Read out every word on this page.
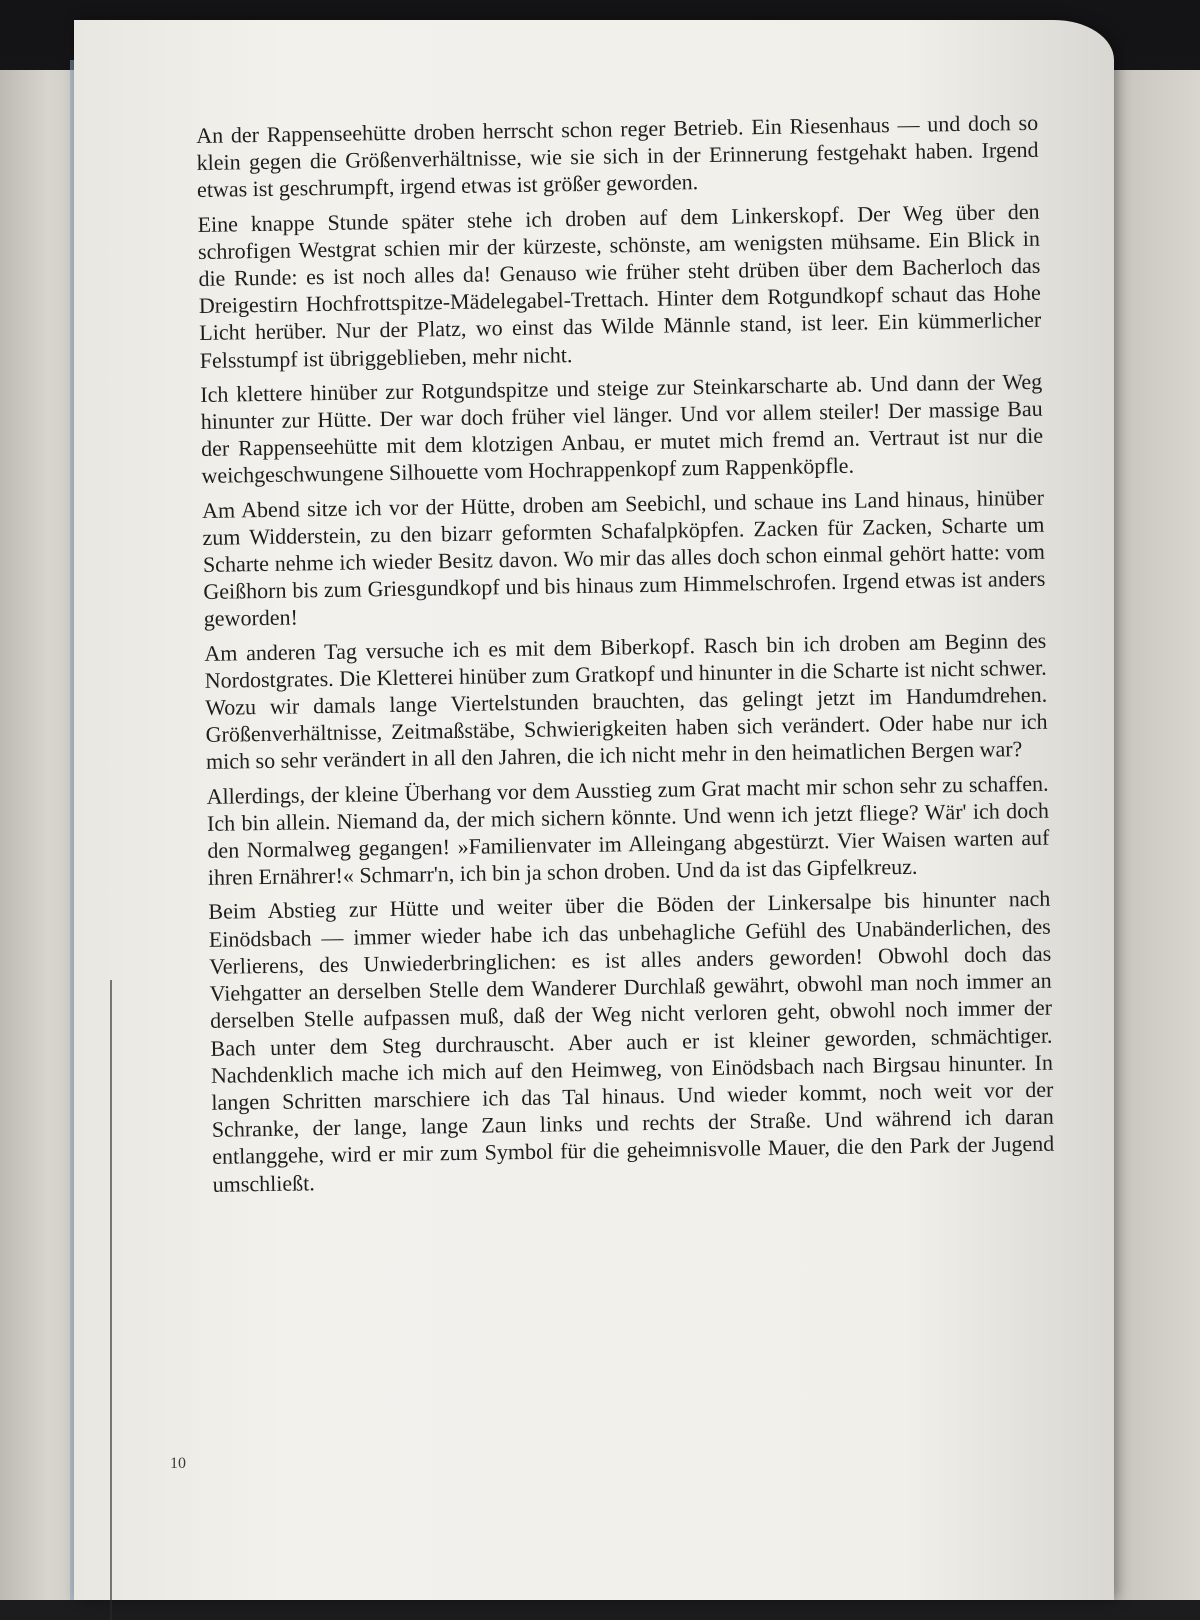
An der Rappenseehütte droben herrscht schon reger Betrieb. Ein Riesenhaus — und doch so klein gegen die Größenverhältnisse, wie sie sich in der Erinnerung festgehakt haben. Irgend etwas ist geschrumpft, irgend etwas ist größer geworden.

Eine knappe Stunde später stehe ich droben auf dem Linkerskopf. Der Weg über den schrofigen Westgrat schien mir der kürzeste, schönste, am wenigsten mühsame. Ein Blick in die Runde: es ist noch alles da! Genauso wie früher steht drüben über dem Bacherloch das Dreigestirn Hochfrottspitze-Mädelegabel-Trettach. Hinter dem Rotgundkopf schaut das Hohe Licht herüber. Nur der Platz, wo einst das Wilde Männle stand, ist leer. Ein kümmerlicher Felsstumpf ist übriggeblieben, mehr nicht.

Ich klettere hinüber zur Rotgundspitze und steige zur Steinkarscharte ab. Und dann der Weg hinunter zur Hütte. Der war doch früher viel länger. Und vor allem steiler! Der massige Bau der Rappenseehütte mit dem klotzigen Anbau, er mutet mich fremd an. Vertraut ist nur die weichgeschwungene Silhouette vom Hochrappenkopf zum Rappenköpfle.

Am Abend sitze ich vor der Hütte, droben am Seebichl, und schaue ins Land hinaus, hinüber zum Widderstein, zu den bizarr geformten Schafalpköpfen. Zacken für Zacken, Scharte um Scharte nehme ich wieder Besitz davon. Wo mir das alles doch schon einmal gehört hatte: vom Geißhorn bis zum Griesgundkopf und bis hinaus zum Himmelschrofen. Irgend etwas ist anders geworden!

Am anderen Tag versuche ich es mit dem Biberkopf. Rasch bin ich droben am Beginn des Nordostgrates. Die Kletterei hinüber zum Gratkopf und hinunter in die Scharte ist nicht schwer. Wozu wir damals lange Viertelstunden brauchten, das gelingt jetzt im Handumdrehen. Größenverhältnisse, Zeitmaßstäbe, Schwierigkeiten haben sich verändert. Oder habe nur ich mich so sehr verändert in all den Jahren, die ich nicht mehr in den heimatlichen Bergen war?

Allerdings, der kleine Überhang vor dem Ausstieg zum Grat macht mir schon sehr zu schaffen. Ich bin allein. Niemand da, der mich sichern könnte. Und wenn ich jetzt fliege? Wär' ich doch den Normalweg gegangen! »Familienvater im Alleingang abgestürzt. Vier Waisen warten auf ihren Ernährer!« Schmarr'n, ich bin ja schon droben. Und da ist das Gipfelkreuz.

Beim Abstieg zur Hütte und weiter über die Böden der Linkersalpe bis hinunter nach Einödsbach — immer wieder habe ich das unbehagliche Gefühl des Unabänderlichen, des Verlierens, des Unwiederbringlichen: es ist alles anders geworden! Obwohl doch das Viehgatter an derselben Stelle dem Wanderer Durchlaß gewährt, obwohl man noch immer an derselben Stelle aufpassen muß, daß der Weg nicht verloren geht, obwohl noch immer der Bach unter dem Steg durchrauscht. Aber auch er ist kleiner geworden, schmächtiger. Nachdenklich mache ich mich auf den Heimweg, von Einödsbach nach Birgsau hinunter. In langen Schritten marschiere ich das Tal hinaus. Und wieder kommt, noch weit vor der Schranke, der lange, lange Zaun links und rechts der Straße. Und während ich daran entlanggehe, wird er mir zum Symbol für die geheimnisvolle Mauer, die den Park der Jugend umschließt.

10
